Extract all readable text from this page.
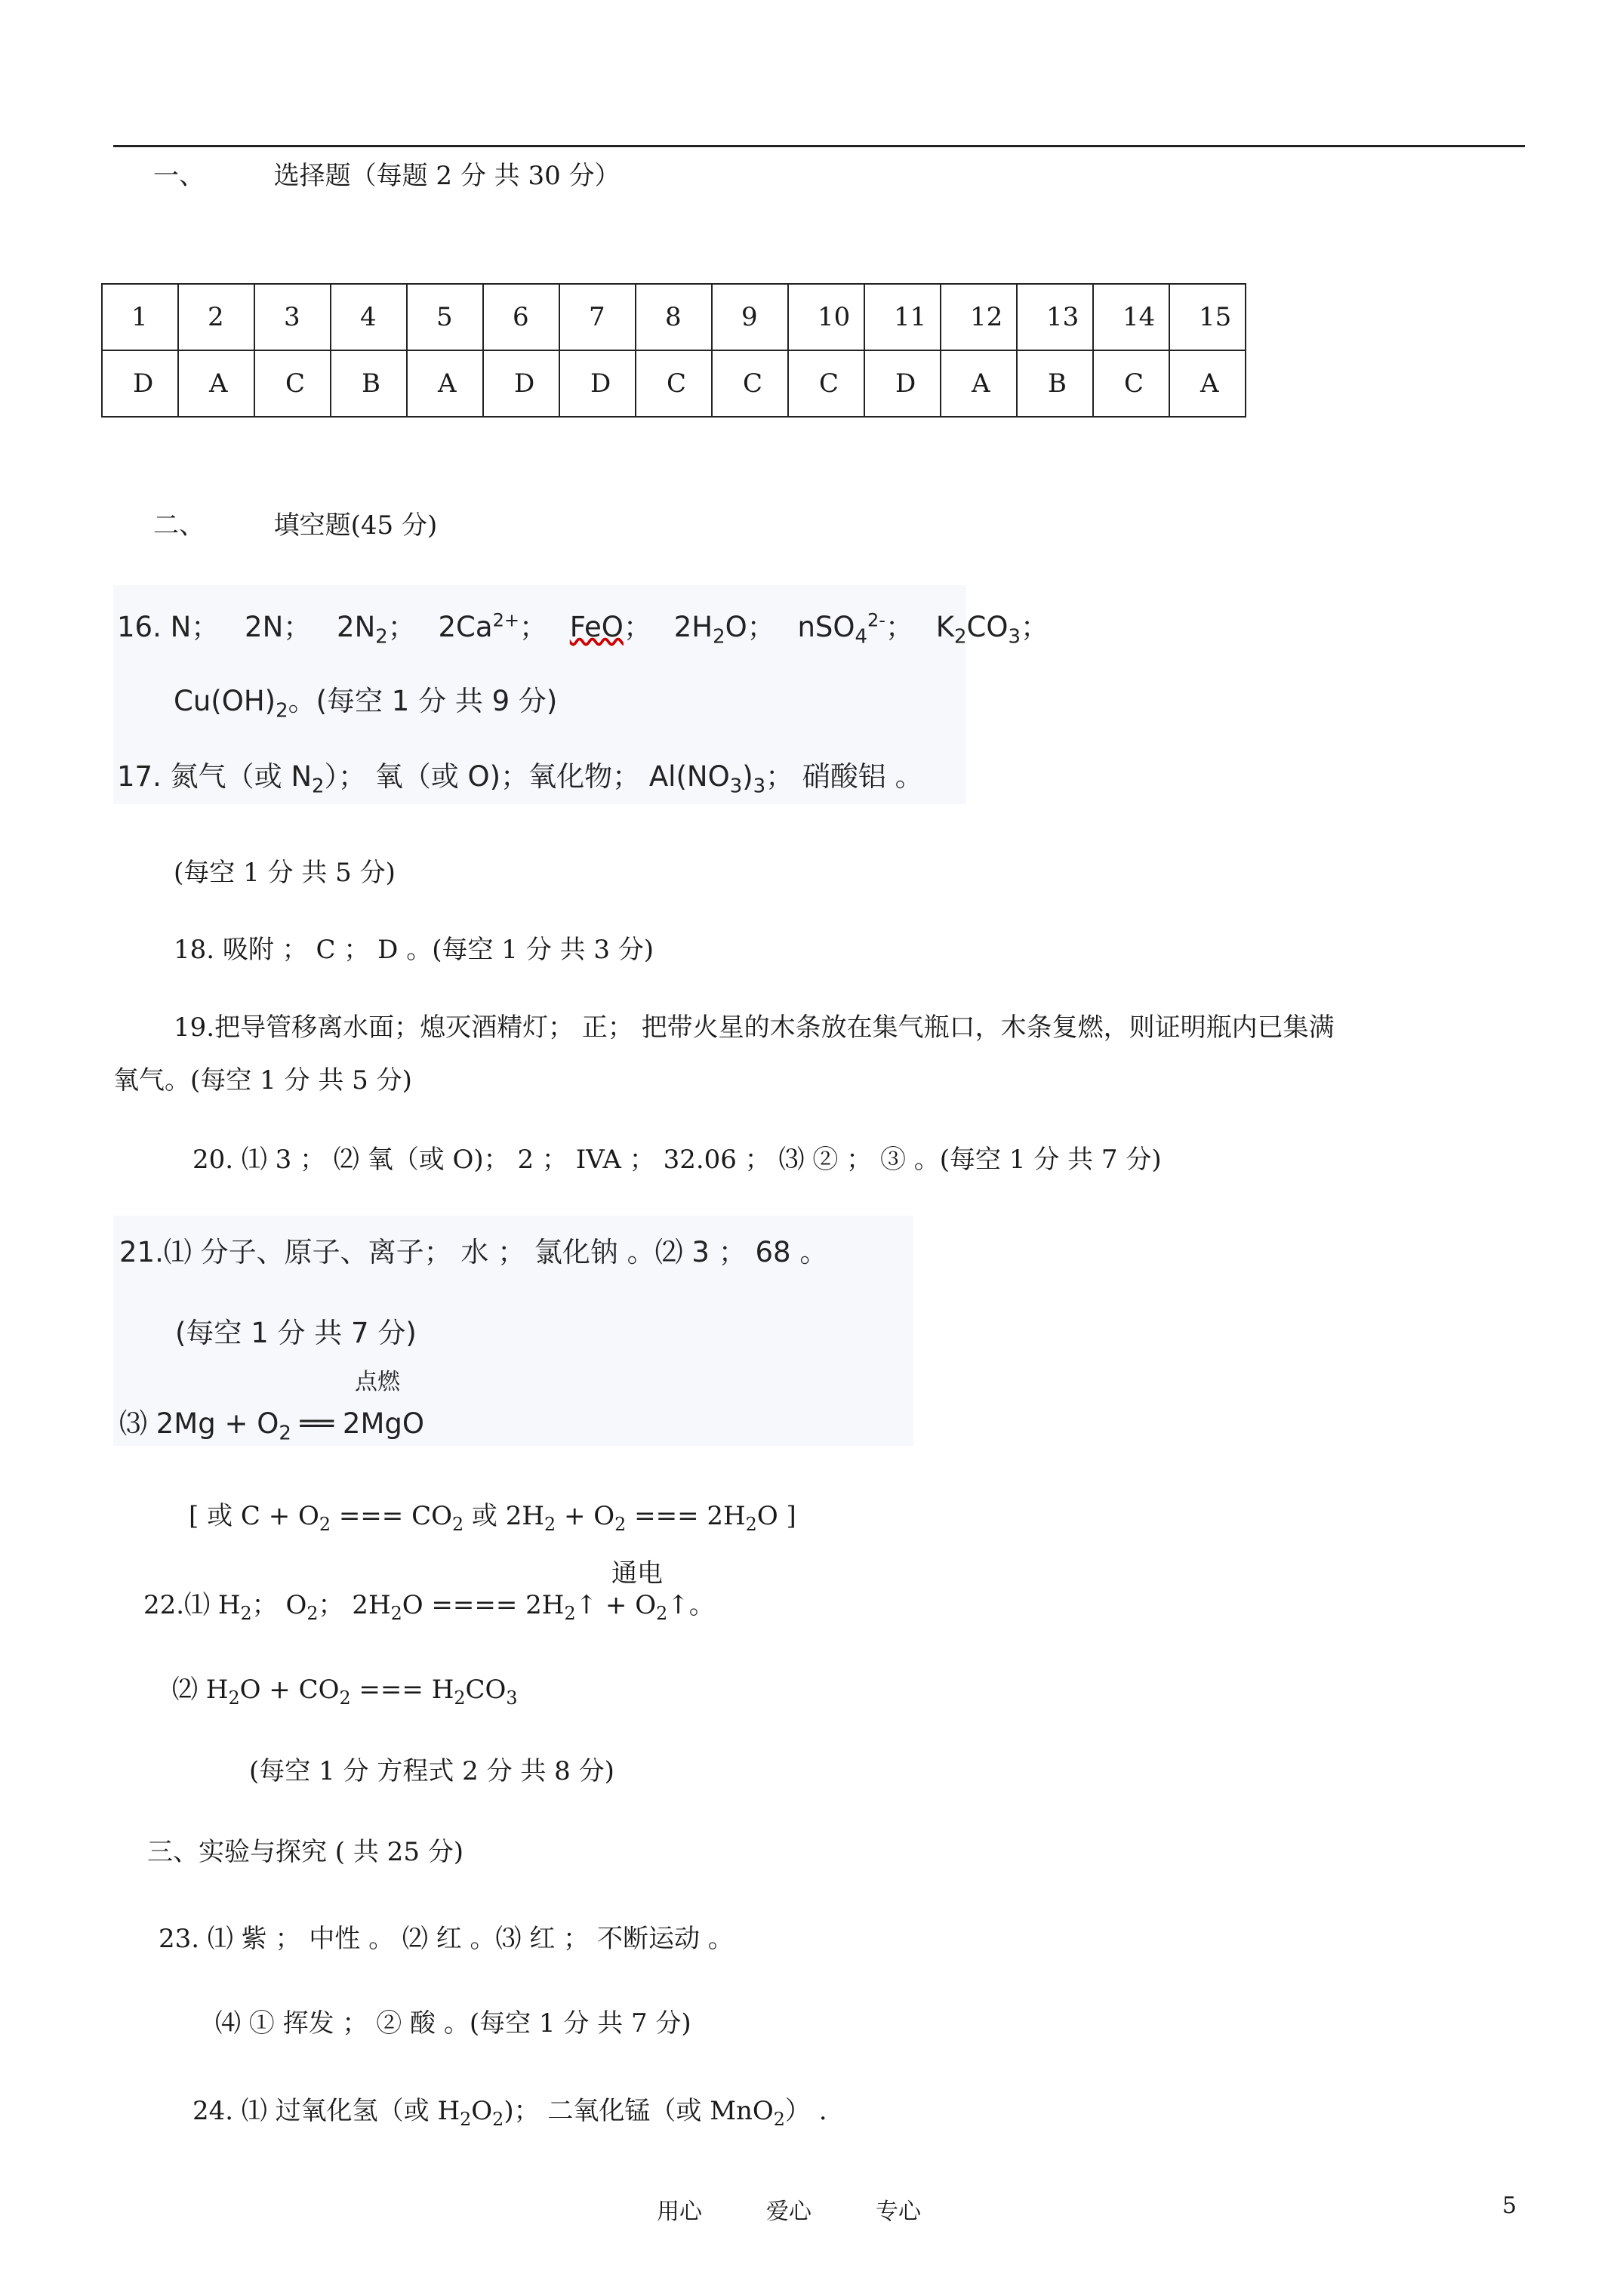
一、	选择题（每题 2 分 共 30 分）
1	2	3	4	5	6	7	8	9	10	11	12	13	14	15
D	A	C	B	A	D	D	C	C	C	D	A	B	C	A
二、	填空题(45 分)
16. N； 2N； $2N_2$； $2Ca^{2+}$； FeO； $2H_2O$； nSO$_4^{2-}$； $K_2CO_3$；
$Cu(OH)_2$。(每空 1 分 共 9 分)
17. 氮气（或 $N_2$）； 氧（或 O)；氧化物； $Al(NO_3)_3$； 硝酸铝 。
(每空 1 分 共 5 分)
18. 吸附 ； C ； D 。(每空 1 分 共 3 分)
19.把导管移离水面；熄灭酒精灯； 正； 把带火星的木条放在集气瓶口，木条复燃，则证明瓶内已集满
氧气。(每空 1 分 共 5 分)
20. ⑴ 3 ； ⑵ 氧（或 O)； 2 ； IVA ； 32.06 ； ⑶ ② ； ③ 。(每空 1 分 共 7 分)
21.⑴ 分子、原子、离子； 水 ； 氯化钠 。⑵ 3 ； 68 。
(每空 1 分 共 7 分)
点燃
⑶ $2Mg + O_2$ ══ 2MgO
[ 或 $C + O_2$ === $CO_2$ 或 $2H_2 + O_2$ === $2H_2O$ ]
通电
22.⑴ $H_2$； $O_2$； $2H_2O$ ==== $2H_2↑$ + $O_2↑$。
⑵ $H_2O + CO_2$ === $H_2CO_3$
(每空 1 分 方程式 2 分 共 8 分)
三、实验与探究 ( 共 25 分)
23. ⑴ 紫 ； 中性 。 ⑵ 红 。⑶ 红 ； 不断运动 。
⑷ ① 挥发 ； ② 酸 。(每空 1 分 共 7 分)
24. ⑴ 过氧化氢（或 $H_2O_2$)； 二氧化锰（或 MnO$_2$） .
用心	爱心	专心	5
